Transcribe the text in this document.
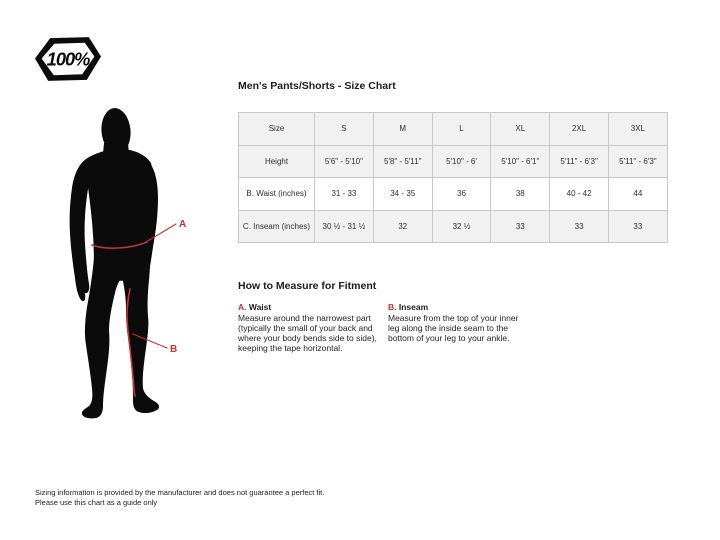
100%
A
B
Men's Pants/Shorts - Size Chart
Size	S	M	L	XL	2XL	3XL
Height	5'6" - 5'10"	5'8" - 5'11"	5'10" - 6'	5'10" - 6'1"	5'11" - 6'3"	5'11" - 6'3"
B. Waist (inches)	31 - 33	34 - 35	36	38	40 - 42	44
C. Inseam (inches)	30 ½ - 31 ½	32	32 ½	33	33	33
How to Measure for Fitment
A. Waist

Measure around the narrowest part (typically the small of your back and where your body bends side to side), keeping the tape horizontal.

B. Inseam

Measure from the top of your inner leg along the inside seam to the bottom of your leg to your ankle.

Sizing information is provided by the manufacturer and does not guarantee a perfect fit.
Please use this chart as a guide only
